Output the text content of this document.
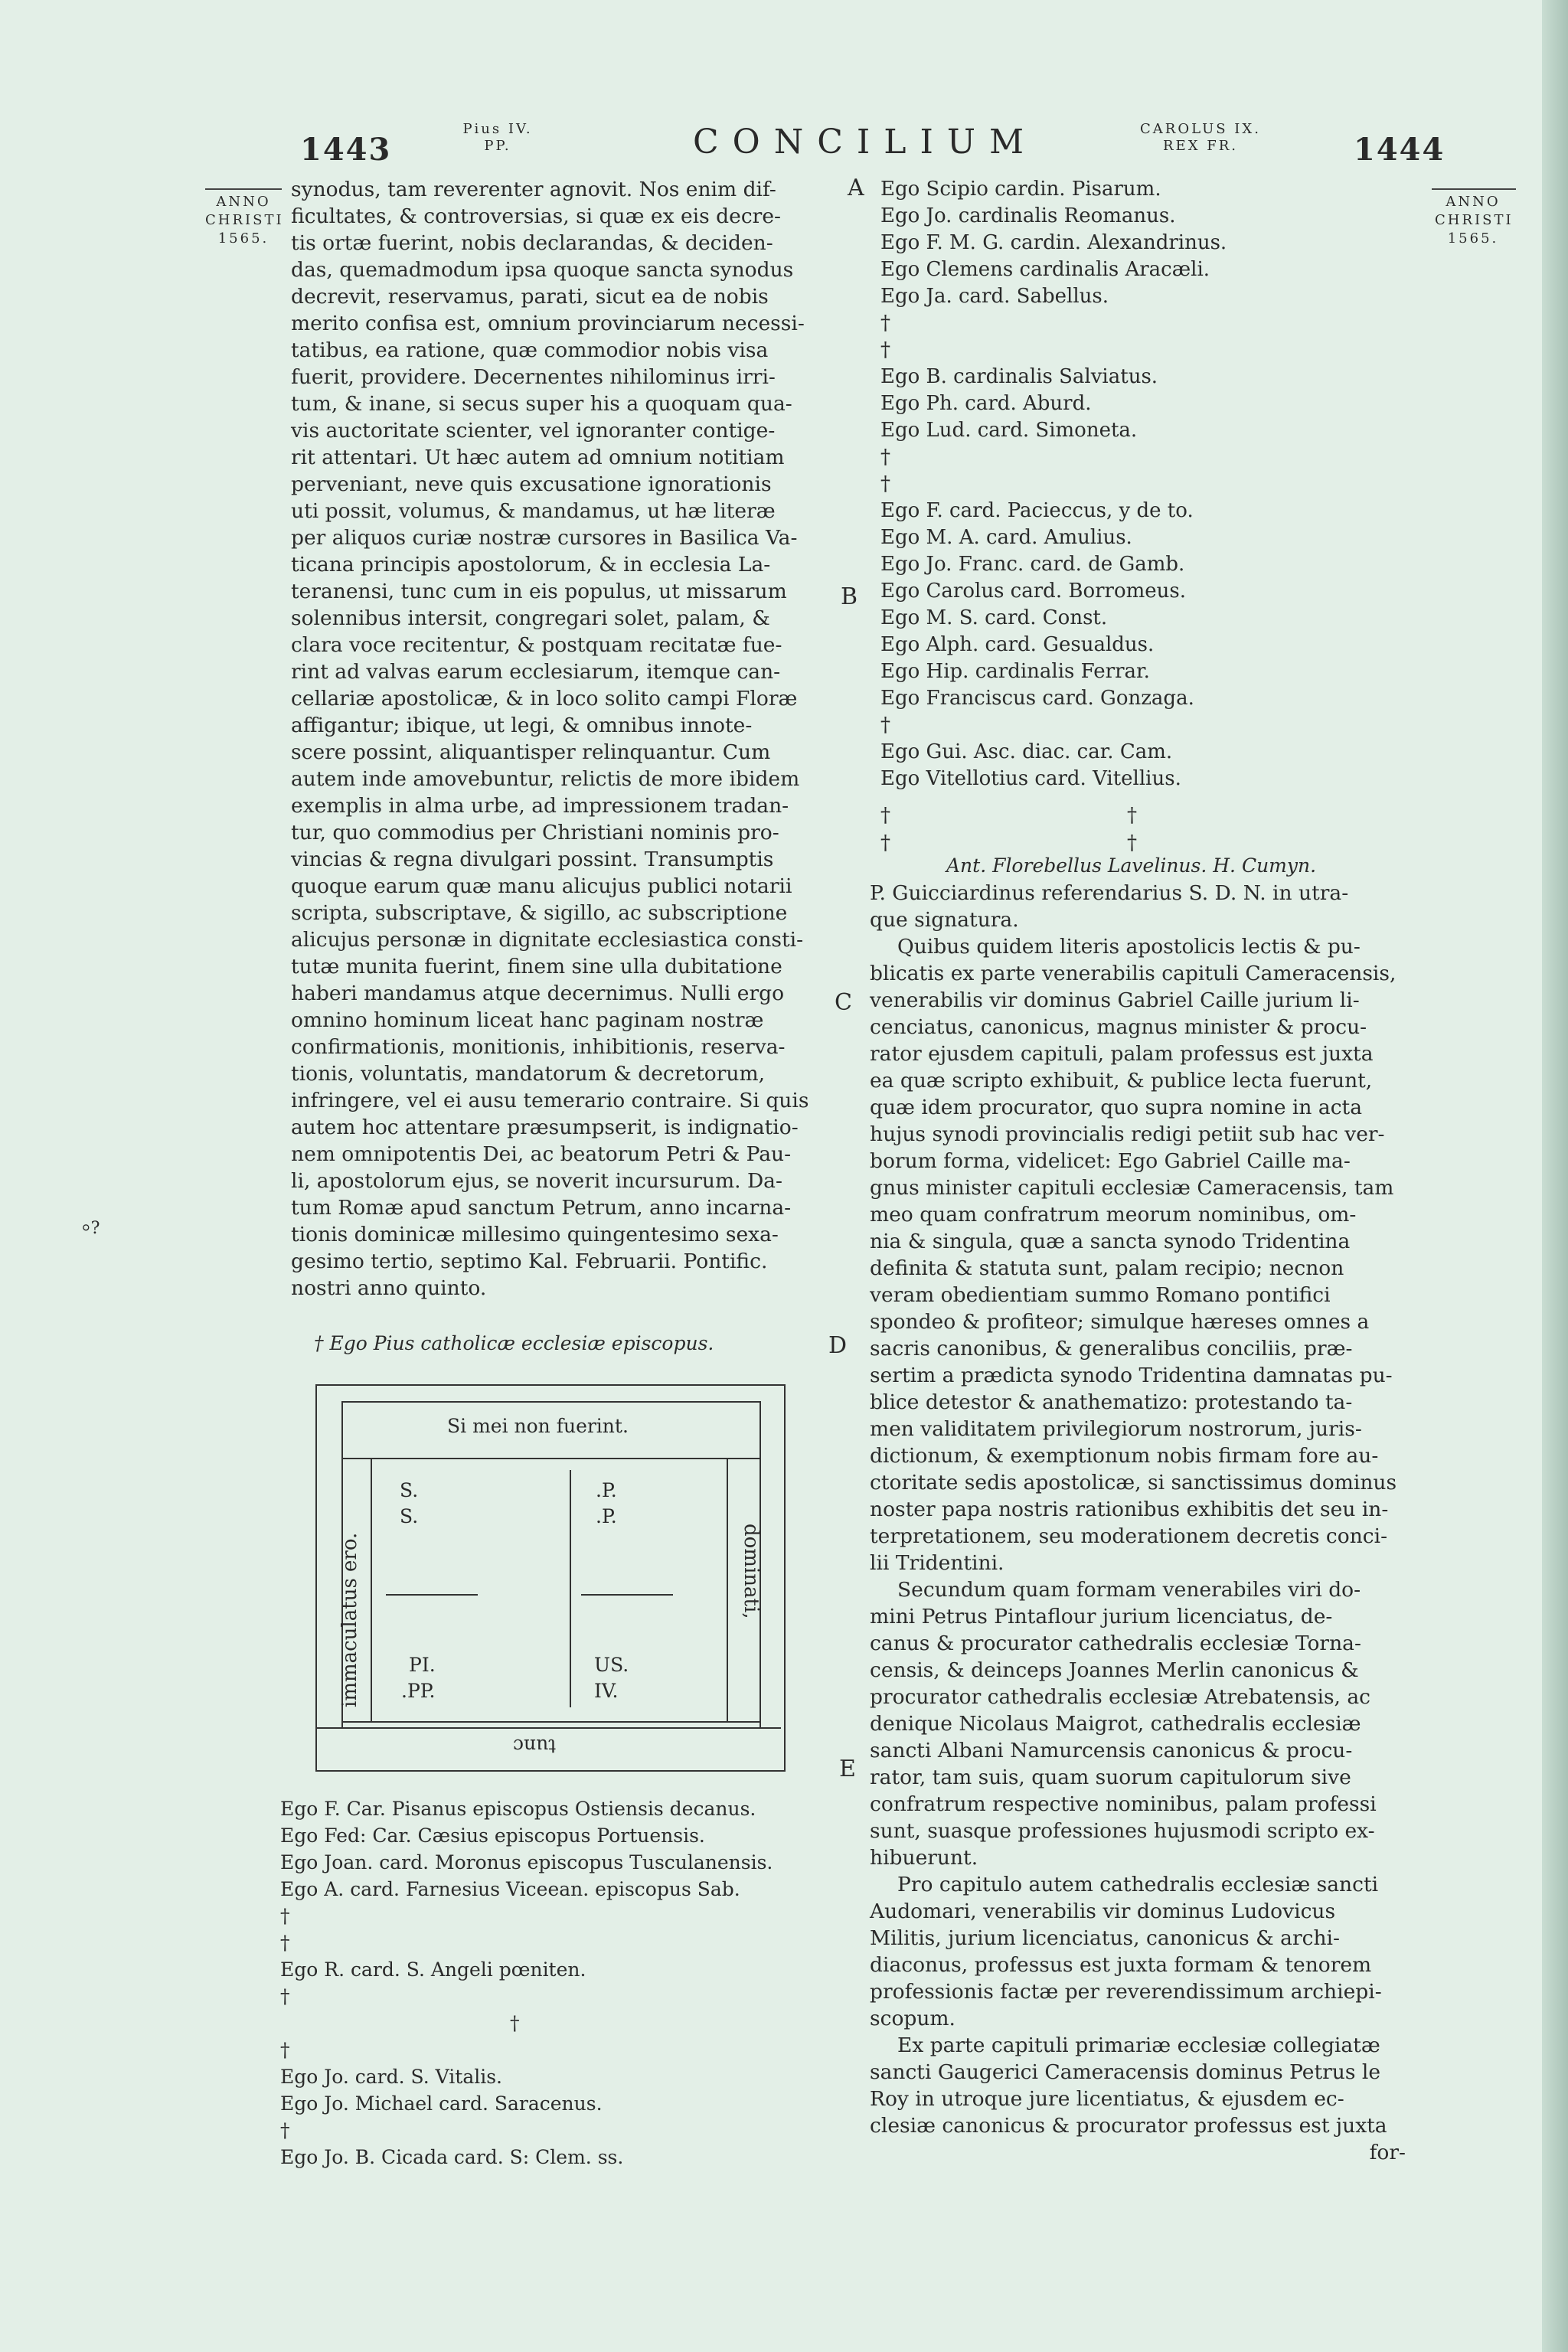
1443
Pius IV.
PP.	CONCILIUM	CAROLUS IX.
REX FR.	1444
ANNO
CHRISTI
1565.
ANNO
CHRISTI
1565.
⸰?
A
B
C
D
E
synodus, tam reverenter agnovit. Nos enim dif-
ficultates, & controversias, si quæ ex eis decre-
tis ortæ fuerint, nobis declarandas, & deciden-
das, quemadmodum ipsa quoque sancta synodus
decrevit, reservamus, parati, sicut ea de nobis
merito confisa est, omnium provinciarum necessi-
tatibus, ea ratione, quæ commodior nobis visa
fuerit, providere. Decernentes nihilominus irri-
tum, & inane, si secus super his a quoquam qua-
vis auctoritate scienter, vel ignoranter contige-
rit attentari. Ut hæc autem ad omnium notitiam
perveniant, neve quis excusatione ignorationis
uti possit, volumus, & mandamus, ut hæ literæ
per aliquos curiæ nostræ cursores in Basilica Va-
ticana principis apostolorum, & in ecclesia La-
teranensi, tunc cum in eis populus, ut missarum
solennibus intersit, congregari solet, palam, &
clara voce recitentur, & postquam recitatæ fue-
rint ad valvas earum ecclesiarum, itemque can-
cellariæ apostolicæ, & in loco solito campi Floræ
affigantur; ibique, ut legi, & omnibus innote-
scere possint, aliquantisper relinquantur. Cum
autem inde amovebuntur, relictis de more ibidem
exemplis in alma urbe, ad impressionem tradan-
tur, quo commodius per Christiani nominis pro-
vincias & regna divulgari possint. Transumptis
quoque earum quæ manu alicujus publici notarii
scripta, subscriptave, & sigillo, ac subscriptione
alicujus personæ in dignitate ecclesiastica consti-
tutæ munita fuerint, finem sine ulla dubitatione
haberi mandamus atque decernimus. Nulli ergo
omnino hominum liceat hanc paginam nostræ
confirmationis, monitionis, inhibitionis, reserva-
tionis, voluntatis, mandatorum & decretorum,
infringere, vel ei ausu temerario contraire. Si quis
autem hoc attentare præsumpserit, is indignatio-
nem omnipotentis Dei, ac beatorum Petri & Pau-
li, apostolorum ejus, se noverit incursurum. Da-
tum Romæ apud sanctum Petrum, anno incarna-
tionis dominicæ millesimo quingentesimo sexa-
gesimo tertio, septimo Kal. Februarii. Pontific.
nostri anno quinto.
† Ego Pius catholicæ ecclesiæ episcopus.
Si mei non fuerint.
immaculatus ero.	dominati,
tunc
S.
S.
.P.
.P.
PI.
.PP.
US.
IV.
Ego F. Car. Pisanus episcopus Ostiensis decanus.
Ego Fed: Car. Cæsius episcopus Portuensis.
Ego Joan. card. Moronus episcopus Tusculanensis.
Ego A. card. Farnesius Viceean. episcopus Sab.
†
†
Ego R. card. S. Angeli pœniten.
†
†
†
Ego Jo. card. S. Vitalis.
Ego Jo. Michael card. Saracenus.
†
Ego Jo. B. Cicada card. S: Clem. ss.
Ego Scipio cardin. Pisarum.
Ego Jo. cardinalis Reomanus.
Ego F. M. G. cardin. Alexandrinus.
Ego Clemens cardinalis Aracæli.
Ego Ja. card. Sabellus.
†
†
Ego B. cardinalis Salviatus.
Ego Ph. card. Aburd.
Ego Lud. card. Simoneta.
†
†
Ego F. card. Pacieccus, y de to.
Ego M. A. card. Amulius.
Ego Jo. Franc. card. de Gamb.
Ego Carolus card. Borromeus.
Ego M. S. card. Const.
Ego Alph. card. Gesualdus.
Ego Hip. cardinalis Ferrar.
Ego Franciscus card. Gonzaga.
†
Ego Gui. Asc. diac. car. Cam.
Ego Vitellotius card. Vitellius.
†	†
†	†
Ant. Florebellus Lavelinus. H. Cumyn.
P. Guicciardinus referendarius S. D. N. in utra-
que signatura.
Quibus quidem literis apostolicis lectis & pu-
blicatis ex parte venerabilis capituli Cameracensis,
venerabilis vir dominus Gabriel Caille jurium li-
cenciatus, canonicus, magnus minister & procu-
rator ejusdem capituli, palam professus est juxta
ea quæ scripto exhibuit, & publice lecta fuerunt,
quæ idem procurator, quo supra nomine in acta
hujus synodi provincialis redigi petiit sub hac ver-
borum forma, videlicet: Ego Gabriel Caille ma-
gnus minister capituli ecclesiæ Cameracensis, tam
meo quam confratrum meorum nominibus, om-
nia & singula, quæ a sancta synodo Tridentina
definita & statuta sunt, palam recipio; necnon
veram obedientiam summo Romano pontifici
spondeo & profiteor; simulque hæreses omnes a
sacris canonibus, & generalibus conciliis, præ-
sertim a prædicta synodo Tridentina damnatas pu-
blice detestor & anathematizo: protestando ta-
men validitatem privilegiorum nostrorum, juris-
dictionum, & exemptionum nobis firmam fore au-
ctoritate sedis apostolicæ, si sanctissimus dominus
noster papa nostris rationibus exhibitis det seu in-
terpretationem, seu moderationem decretis conci-
lii Tridentini.
Secundum quam formam venerabiles viri do-
mini Petrus Pintaflour jurium licenciatus, de-
canus & procurator cathedralis ecclesiæ Torna-
censis, & deinceps Joannes Merlin canonicus &
procurator cathedralis ecclesiæ Atrebatensis, ac
denique Nicolaus Maigrot, cathedralis ecclesiæ
sancti Albani Namurcensis canonicus & procu-
rator, tam suis, quam suorum capitulorum sive
confratrum respective nominibus, palam professi
sunt, suasque professiones hujusmodi scripto ex-
hibuerunt.
Pro capitulo autem cathedralis ecclesiæ sancti
Audomari, venerabilis vir dominus Ludovicus
Militis, jurium licenciatus, canonicus & archi-
diaconus, professus est juxta formam & tenorem
professionis factæ per reverendissimum archiepi-
scopum.
Ex parte capituli primariæ ecclesiæ collegiatæ
sancti Gaugerici Cameracensis dominus Petrus le
Roy in utroque jure licentiatus, & ejusdem ec-
clesiæ canonicus & procurator professus est juxta
for-
